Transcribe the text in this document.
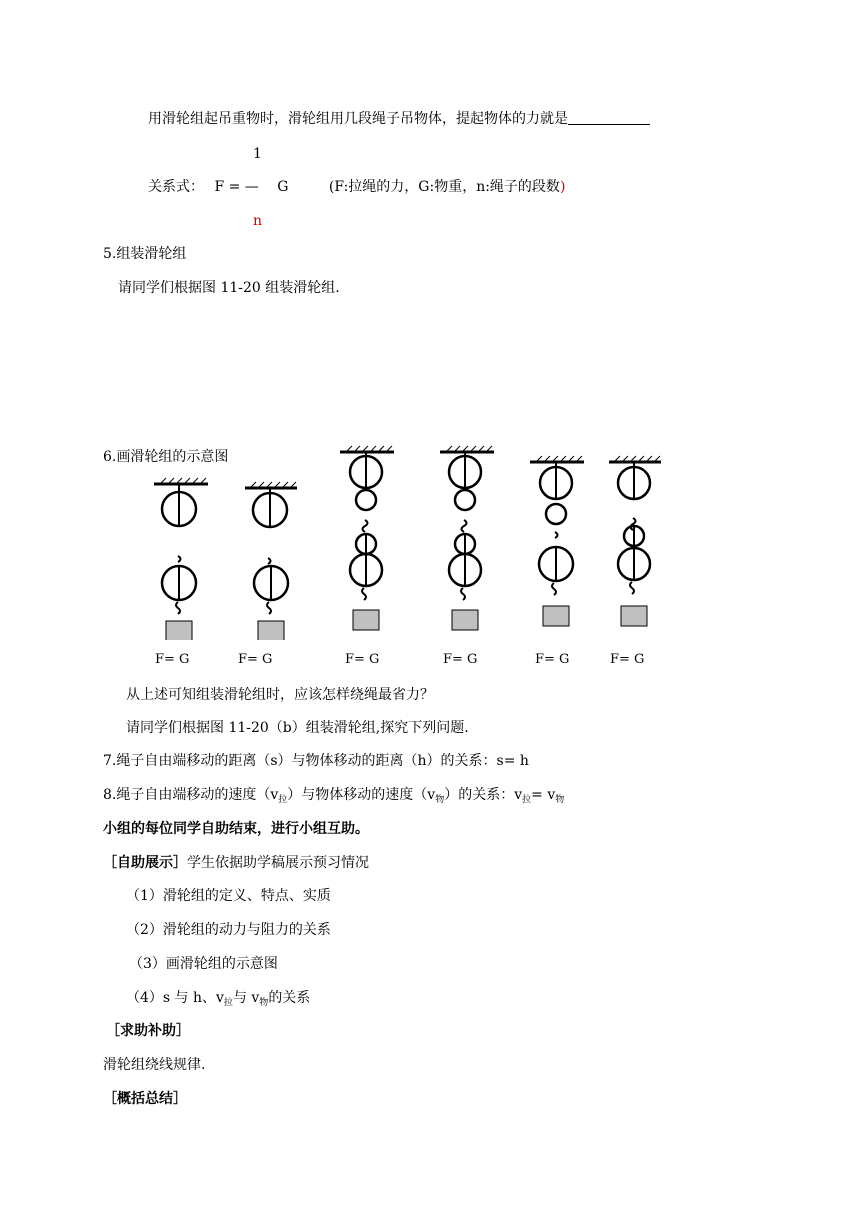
用滑轮组起吊重物时，滑轮组用几段绳子吊物体，提起物体的力就是
1
关系式： F = — G	(F:拉绳的力，G:物重，n:绳子的段数)
n
5.组装滑轮组
请同学们根据图 11-20 组装滑轮组.
6.画滑轮组的示意图
F= G	F= G	F= G	F= G	F= G	F= G
从上述可知组装滑轮组时，应该怎样绕绳最省力？
请同学们根据图 11-20（b）组装滑轮组,探究下列问题.
7.绳子自由端移动的距离（s）与物体移动的距离（h）的关系：s= h
8.绳子自由端移动的速度$(v_拉)$与物体移动的速度$(v_物)$的关系：$v_拉= v_物$
小组的每位同学自助结束，进行小组互助。
［自助展示］学生依据助学稿展示预习情况
（1）滑轮组的定义、特点、实质
（2）滑轮组的动力与阻力的关系
（3）画滑轮组的示意图
（4）s 与 h、$v_拉$与 $v_物$的关系
［求助补助］
滑轮组绕线规律.
［概括总结］
